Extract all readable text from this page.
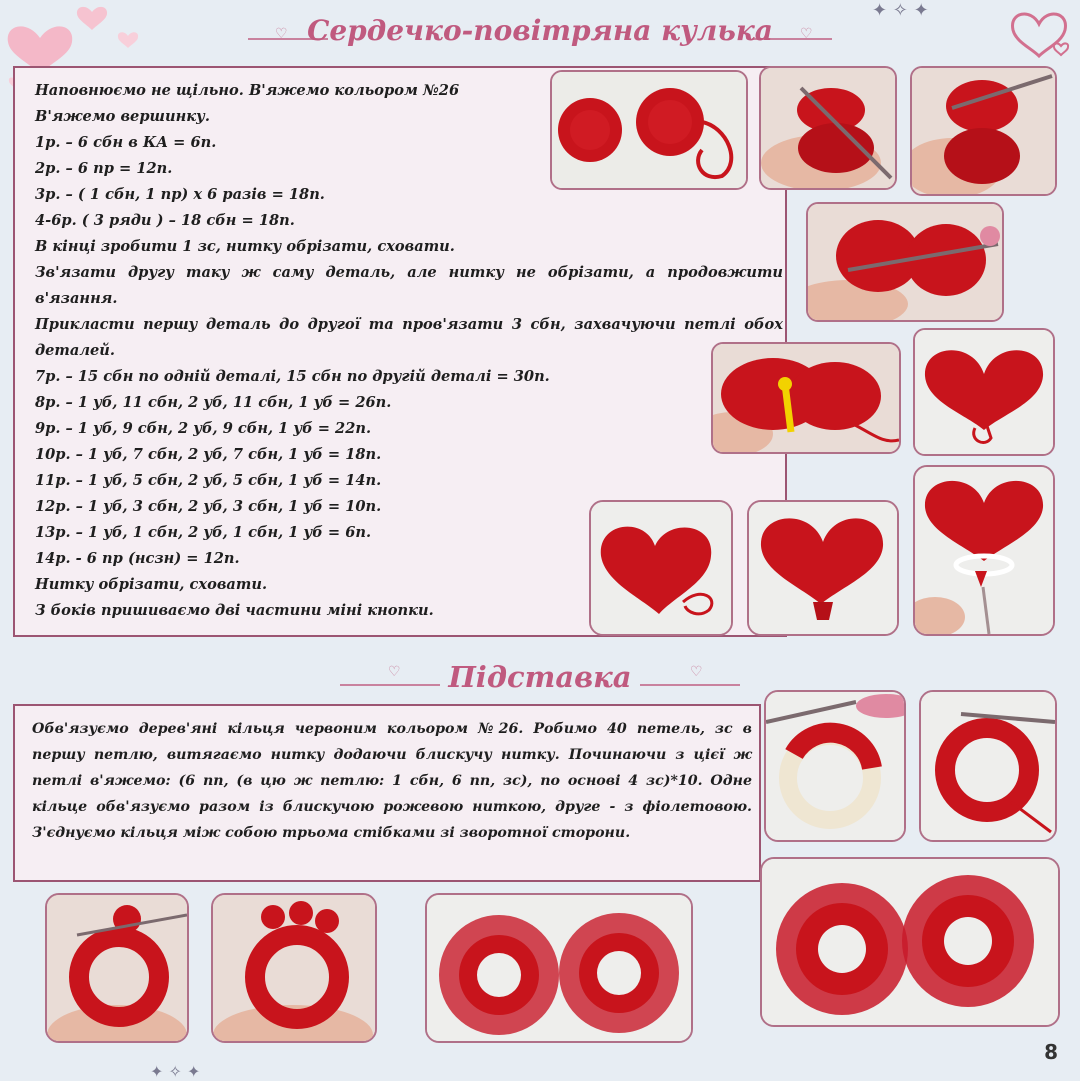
✦ ✧ ✦
♡	♡
Сердечко-повітряна кулька
Наповнюємо не щільно. В'яжемо кольором №26
В'яжемо вершинку.
1р. – 6 сбн в КА = 6п.
2р. – 6 пр = 12п.
3р. – ( 1 сбн, 1 пр) х 6 разів = 18п.
4-6р. ( 3 ряди ) – 18 сбн = 18п.
В кінці зробити 1 зс, нитку обрізати, сховати.
Зв'язати другу таку ж саму деталь, але нитку не обрізати, а продовжити в'язання.
Прикласти першу деталь до другої та пров'язати 3 сбн, захвачуючи петлі обох деталей.
7р. – 15 сбн по одній деталі, 15 сбн по другій деталі = 30п.
8р. – 1 уб, 11 сбн, 2 уб, 11 сбн, 1 уб = 26п.
9р. – 1 уб, 9 сбн, 2 уб, 9 сбн, 1 уб = 22п.
10р. – 1 уб, 7 сбн, 2 уб, 7 сбн, 1 уб = 18п.
11р. – 1 уб, 5 сбн, 2 уб, 5 сбн, 1 уб = 14п.
12р. – 1 уб, 3 сбн, 2 уб, 3 сбн, 1 уб = 10п.
13р. – 1 уб, 1 сбн, 2 уб, 1 сбн, 1 уб = 6п.
14р. - 6 пр (нсзн) = 12п.
Нитку обрізати, сховати.
З боків пришиваємо дві частини міні кнопки.
♡	♡
Підставка
Обв'язуємо дерев'яні кільця червоним кольором №26. Робимо 40 петель, зс в першу петлю, витягаємо нитку додаючи блискучу нитку. Починаючи з цієї ж петлі в'яжемо: (6 пп, (в цю ж петлю: 1 сбн, 6 пп, зс), по основі 4 зс)*10. Одне кільце обв'язуємо разом із блискучою рожевою ниткою, друге - з фіолетовою. З'єднуємо кільця між собою трьома стібками зі зворотної сторони.
✦ ✧ ✦
8
